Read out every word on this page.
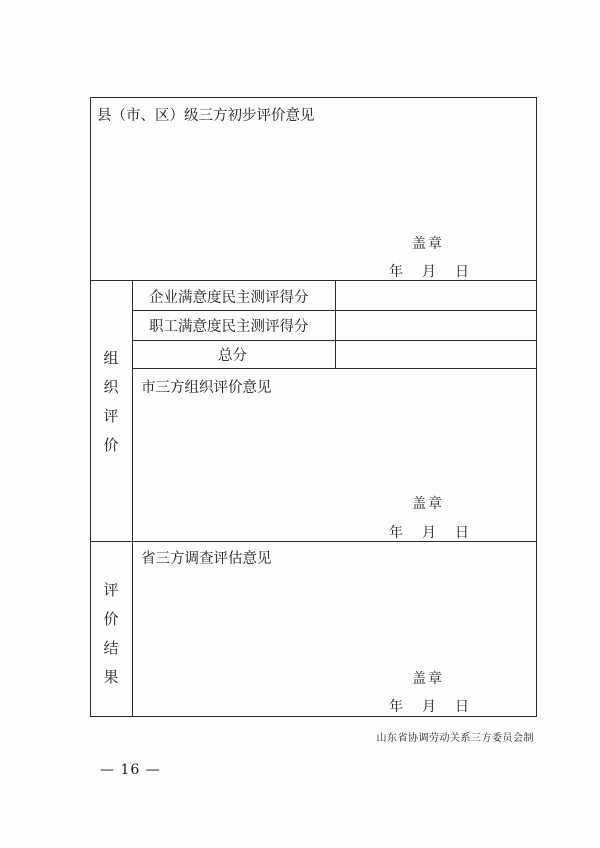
县（市、区）级三方初步评价意见
盖章
年 月 日
企业满意度民主测评得分
职工满意度民主测评得分
总分
组
织
评
价
市三方组织评价意见
盖章
年 月 日
评
价
结
果
省三方调查评估意见
盖章
年 月 日
山东省协调劳动关系三方委员会制
— 16 —
